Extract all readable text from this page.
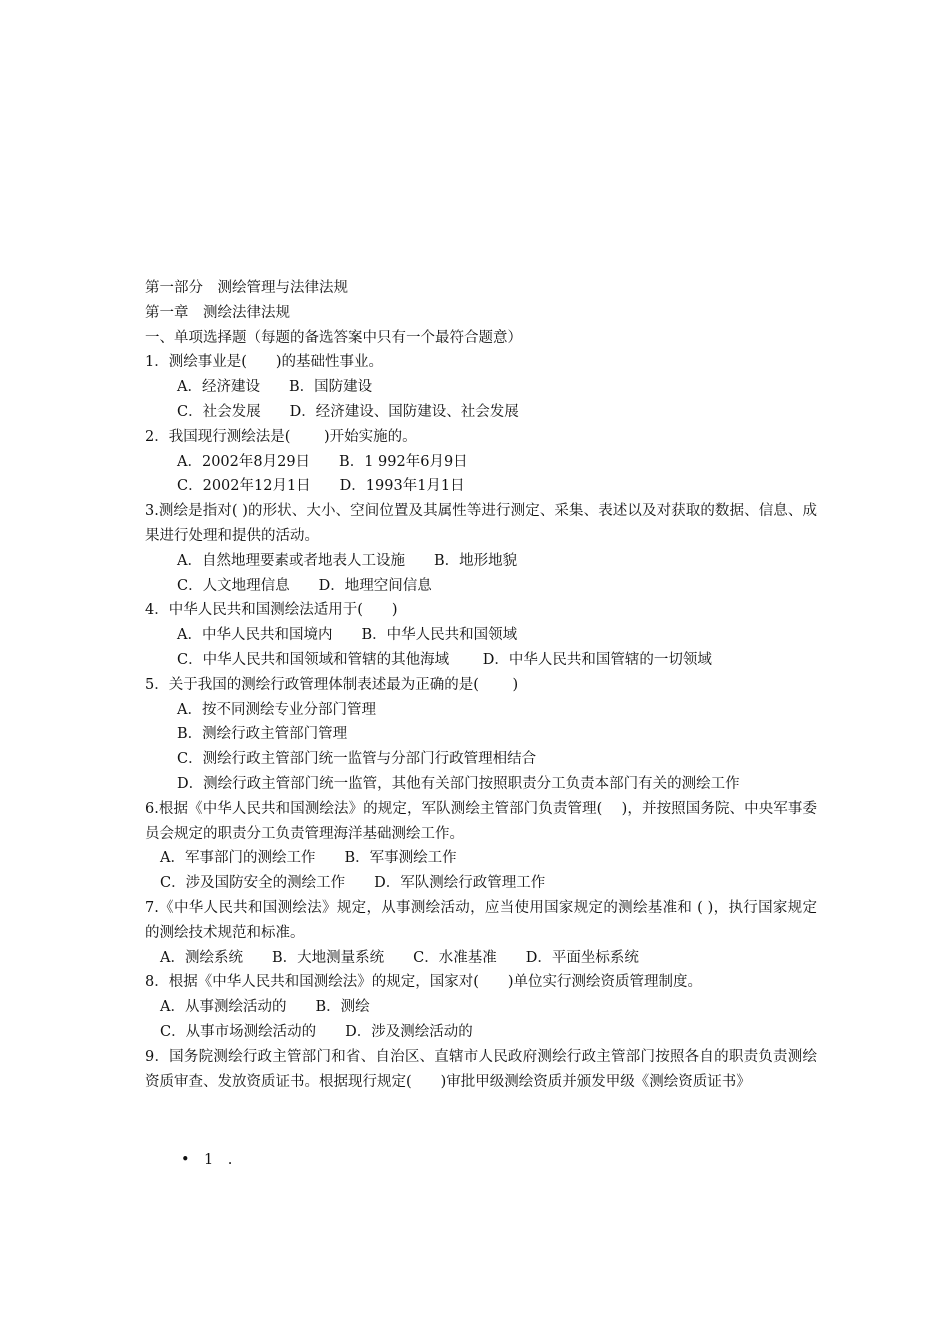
第一部分　测绘管理与法律法规
第一章　测绘法律法规
一、单项选择题（每题的备选答案中只有一个最符合题意）
1．测绘事业是(　　)的基础性事业。
A．经济建设　　B．国防建设
C．社会发展　　D．经济建设、国防建设、社会发展
2．我国现行测绘法是(　　 )开始实施的。
A．2002年8月29日　　B．1 992年6月9日
C．2002年12月1日　　D．1993年1月1日
3.测绘是指对( )的形状、大小、空间位置及其属性等进行测定、采集、表述以及对获取的数据、信息、成果进行处理和提供的活动。
A．自然地理要素或者地表人工设施　　B．地形地貌
C．人文地理信息　　D．地理空间信息
4．中华人民共和国测绘法适用于(　　)
A．中华人民共和国境内　　B．中华人民共和国领域
C．中华人民共和国领域和管辖的其他海域　　 D．中华人民共和国管辖的一切领域
5．关于我国的测绘行政管理体制表述最为正确的是(　　 )
A．按不同测绘专业分部门管理
B．测绘行政主管部门管理
C．测绘行政主管部门统一监管与分部门行政管理相结合
D．测绘行政主管部门统一监管，其他有关部门按照职责分工负责本部门有关的测绘工作
6.根据《中华人民共和国测绘法》的规定，军队测绘主管部门负责管理(　 )，并按照国务院、中央军事委员会规定的职责分工负责管理海洋基础测绘工作。
A．军事部门的测绘工作　　B．军事测绘工作
C．涉及国防安全的测绘工作　　D．军队测绘行政管理工作
7.《中华人民共和国测绘法》规定，从事测绘活动，应当使用国家规定的测绘基准和 ( )，执行国家规定的测绘技术规范和标准。
A．测绘系统　　B．大地测量系统　　C．水准基准　　D．平面坐标系统
8．根据《中华人民共和国测绘法》的规定，国家对(　　)单位实行测绘资质管理制度。
A．从事测绘活动的　　B．测绘
C．从事市场测绘活动的　　D．涉及测绘活动的
9．国务院测绘行政主管部门和省、自治区、直辖市人民政府测绘行政主管部门按照各自的职责负责测绘资质审查、发放资质证书。根据现行规定(　　)审批甲级测绘资质并颁发甲级《测绘资质证书》
•　1　.
